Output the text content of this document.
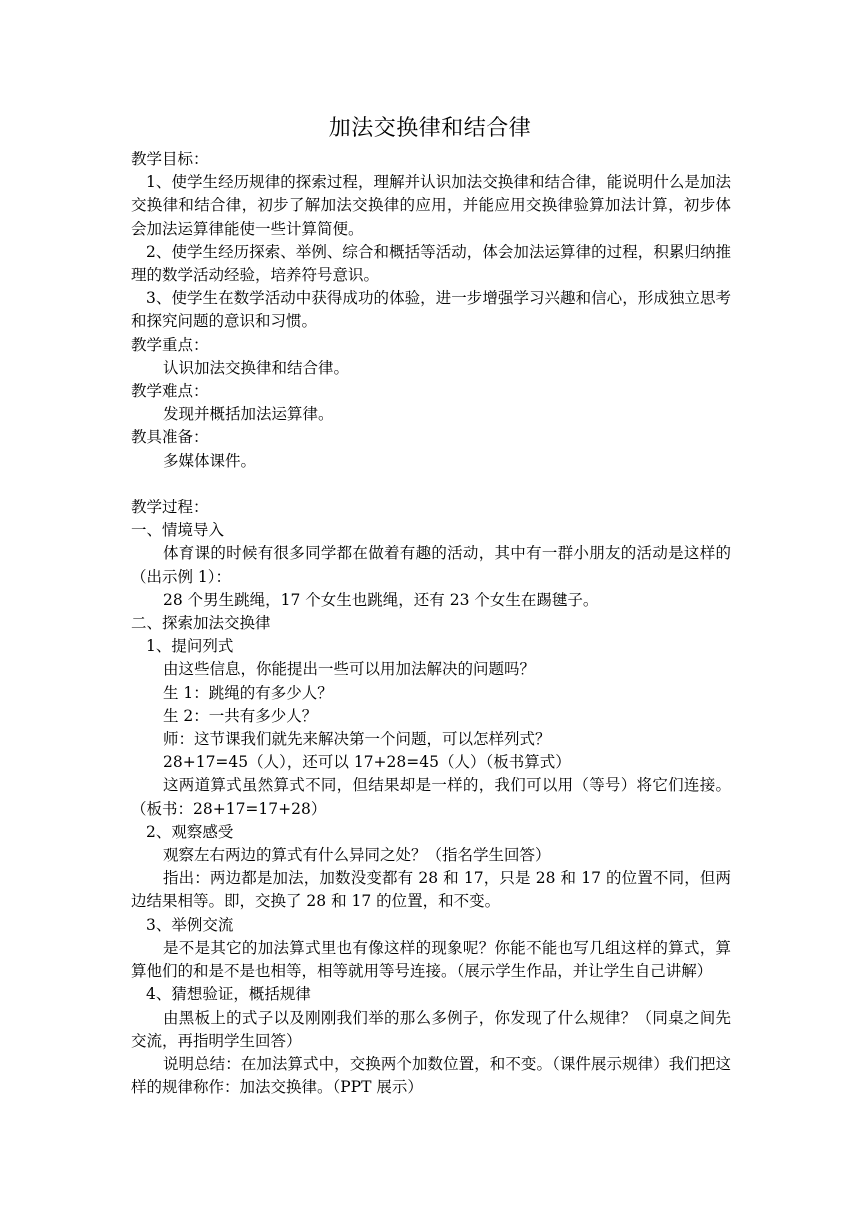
加法交换律和结合律

教学目标：

1、使学生经历规律的探索过程，理解并认识加法交换律和结合律，能说明什么是加法交换律和结合律，初步了解加法交换律的应用，并能应用交换律验算加法计算，初步体会加法运算律能使一些计算简便。

2、使学生经历探索、举例、综合和概括等活动，体会加法运算律的过程，积累归纳推理的数学活动经验，培养符号意识。

3、使学生在数学活动中获得成功的体验，进一步增强学习兴趣和信心，形成独立思考和探究问题的意识和习惯。

教学重点：

认识加法交换律和结合律。

教学难点：

发现并概括加法运算律。

教具准备：

多媒体课件。

教学过程：

一、情境导入

体育课的时候有很多同学都在做着有趣的活动，其中有一群小朋友的活动是这样的（出示例 1）：

28 个男生跳绳，17 个女生也跳绳，还有 23 个女生在踢毽子。

二、探索加法交换律

1、提问列式

由这些信息，你能提出一些可以用加法解决的问题吗？

生 1：跳绳的有多少人？

生 2：一共有多少人？

师：这节课我们就先来解决第一个问题，可以怎样列式？

28+17=45（人），还可以 17+28=45（人）（板书算式）

这两道算式虽然算式不同，但结果却是一样的，我们可以用（等号）将它们连接。（板书：28+17=17+28）

2、观察感受

观察左右两边的算式有什么异同之处？（指名学生回答）

指出：两边都是加法，加数没变都有 28 和 17，只是 28 和 17 的位置不同，但两边结果相等。即，交换了 28 和 17 的位置，和不变。

3、举例交流

是不是其它的加法算式里也有像这样的现象呢？你能不能也写几组这样的算式，算算他们的和是不是也相等，相等就用等号连接。（展示学生作品，并让学生自己讲解）

4、猜想验证，概括规律

由黑板上的式子以及刚刚我们举的那么多例子，你发现了什么规律？（同桌之间先交流，再指明学生回答）

说明总结：在加法算式中，交换两个加数位置，和不变。（课件展示规律）我们把这样的规律称作：加法交换律。（PPT 展示）
